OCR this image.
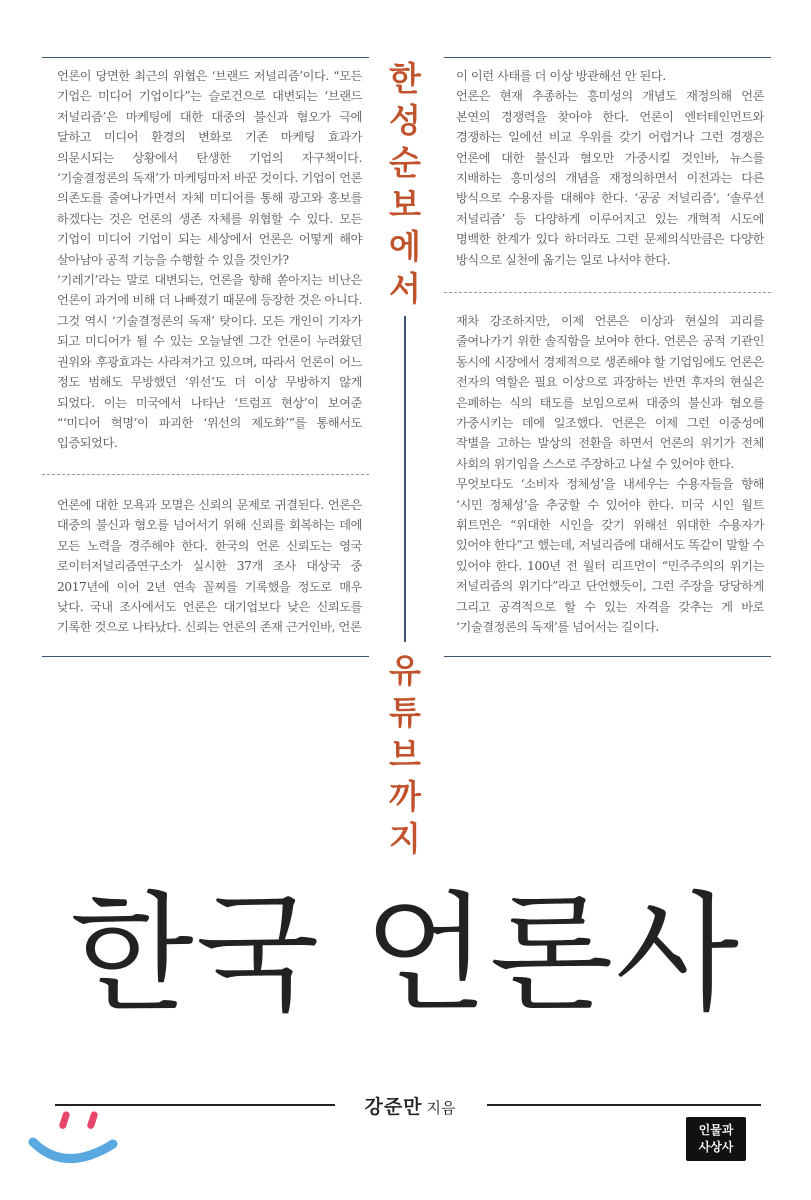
언론이 당면한 최근의 위협은 ‘브랜드 저널리즘’이다. “모든 기업은 미디어 기업이다”는 슬로건으로 대변되는 ‘브랜드 저널리즘’은 마케팅에 대한 대중의 불신과 혐오가 극에 달하고 미디어 환경의 변화로 기존 마케팅 효과가 의문시되는 상황에서 탄생한 기업의 자구책이다. ‘기술결정론의 독재’가 마케팅마저 바꾼 것이다. 기업이 언론 의존도를 줄여나가면서 자체 미디어를 통해 광고와 홍보를 하겠다는 것은 언론의 생존 자체를 위협할 수 있다. 모든 기업이 미디어 기업이 되는 세상에서 언론은 어떻게 해야 살아남아 공적 기능을 수행할 수 있을 것인가?
‘기레기’라는 말로 대변되는, 언론을 향해 쏟아지는 비난은 언론이 과거에 비해 더 나빠졌기 때문에 등장한 것은 아니다. 그것 역시 ‘기술결정론의 독재’ 탓이다. 모든 개인이 기자가 되고 미디어가 될 수 있는 오늘날엔 그간 언론이 누려왔던 권위와 후광효과는 사라져가고 있으며, 따라서 언론이 어느 정도 범해도 무방했던 ‘위선’도 더 이상 무방하지 않게 되었다. 이는 미국에서 나타난 ‘트럼프 현상’이 보여준 “‘미디어 혁명’이 파괴한 ‘위선의 제도화’”를 통해서도 입증되었다.
언론에 대한 모욕과 모멸은 신뢰의 문제로 귀결된다. 언론은 대중의 불신과 혐오를 넘어서기 위해 신뢰를 회복하는 데에 모든 노력을 경주해야 한다. 한국의 언론 신뢰도는 영국 로이터저널리즘연구소가 실시한 37개 조사 대상국 중 2017년에 이어 2년 연속 꼴찌를 기록했을 정도로 매우 낮다. 국내 조사에서도 언론은 대기업보다 낮은 신뢰도를 기록한 것으로 나타났다. 신뢰는 언론의 존재 근거인바, 언론
이 이런 사태를 더 이상 방관해선 안 된다.
언론은 현재 추종하는 흥미성의 개념도 재정의해 언론 본연의 경쟁력을 찾아야 한다. 언론이 엔터테인먼트와 경쟁하는 일에선 비교 우위를 갖기 어렵거나 그런 경쟁은 언론에 대한 불신과 혐오만 가중시킬 것인바, 뉴스를 지배하는 흥미성의 개념을 재정의하면서 이전과는 다른 방식으로 수용자를 대해야 한다. ‘공공 저널리즘’, ‘솔루션 저널리즘’ 등 다양하게 이루어지고 있는 개혁적 시도에 명백한 한계가 있다 하더라도 그런 문제의식만큼은 다양한 방식으로 실천에 옮기는 일로 나서야 한다.
재차 강조하지만, 이제 언론은 이상과 현실의 괴리를 줄여나가기 위한 솔직함을 보여야 한다. 언론은 공적 기관인 동시에 시장에서 경제적으로 생존해야 할 기업임에도 언론은 전자의 역할은 필요 이상으로 과장하는 반면 후자의 현실은 은폐하는 식의 태도를 보임으로써 대중의 불신과 혐오를 가중시키는 데에 일조했다. 언론은 이제 그런 이중성에 작별을 고하는 발상의 전환을 하면서 언론의 위기가 전체 사회의 위기임을 스스로 주장하고 나설 수 있어야 한다.
무엇보다도 ‘소비자 정체성’을 내세우는 수용자들을 향해 ‘시민 정체성’을 추궁할 수 있어야 한다. 미국 시인 월트 휘트먼은 “위대한 시인을 갖기 위해선 위대한 수용자가 있어야 한다”고 했는데, 저널리즘에 대해서도 똑같이 말할 수 있어야 한다. 100년 전 월터 리프먼이 “민주주의의 위기는 저널리즘의 위기다”라고 단언했듯이, 그런 주장을 당당하게 그리고 공격적으로 할 수 있는 자격을 갖추는 게 바로 ‘기술결정론의 독재’를 넘어서는 길이다.
한
성
순
보
에
서
유
튜
브
까
지
한국 언론사
강준만 지음
인물과
사상사
